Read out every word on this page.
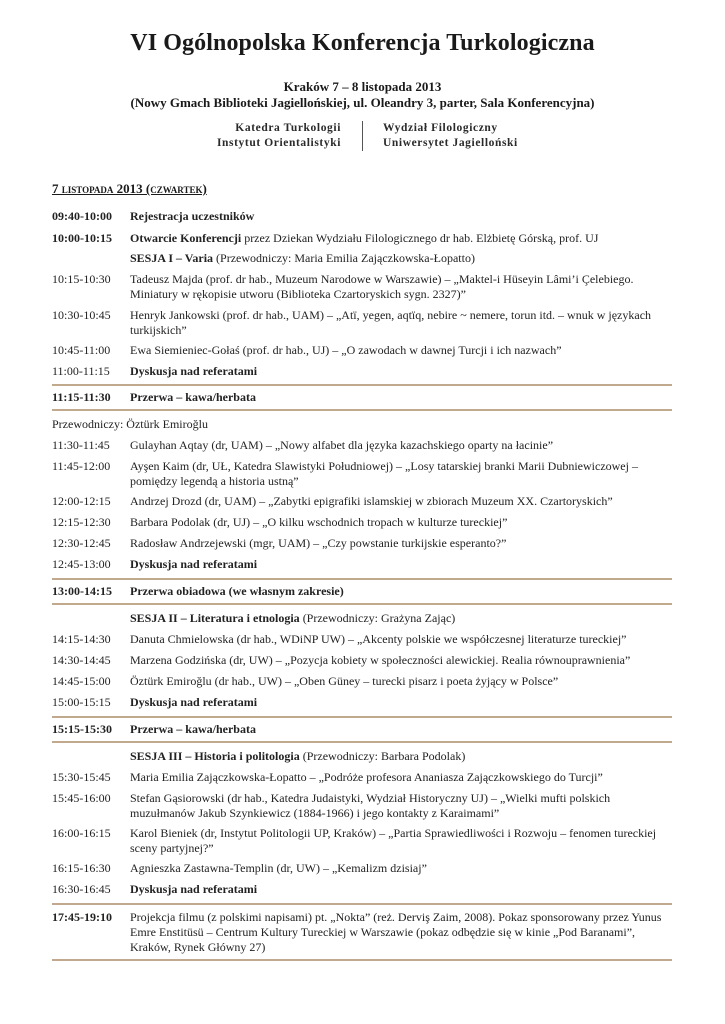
VI Ogólnopolska Konferencja Turkologiczna
Kraków 7 – 8 listopada 2013
(Nowy Gmach Biblioteki Jagiellońskiej, ul. Oleandry 3, parter, Sala Konferencyjna)
Katedra Turkologii
Instytut Orientalistyki
Wydział Filologiczny
Uniwersytet Jagielloński
7 listopada 2013 (czwartek)
09:40-10:00	Rejestracja uczestników
10:00-10:15	Otwarcie Konferencji przez Dziekan Wydziału Filologicznego dr hab. Elżbietę Górską, prof. UJ
SESJA I – Varia (Przewodniczy: Maria Emilia Zajączkowska-Łopatto)
10:15-10:30	Tadeusz Majda (prof. dr hab., Muzeum Narodowe w Warszawie) – „Maktel-i Hüseyin Lâmi’i Çelebiego. Miniatury w rękopisie utworu (Biblioteka Czartoryskich sygn. 2327)”
10:30-10:45	Henryk Jankowski (prof. dr hab., UAM) – „Atï, yegen, aqtïq, nebire ~ nemere, torun itd. – wnuk w językach turkijskich”
10:45-11:00	Ewa Siemieniec-Gołaś (prof. dr hab., UJ) – „O zawodach w dawnej Turcji i ich nazwach”
11:00-11:15	Dyskusja nad referatami
11:15-11:30	Przerwa – kawa/herbata
Przewodniczy: Öztürk Emiroğlu
11:30-11:45	Gulayhan Aqtay (dr, UAM) – „Nowy alfabet dla języka kazachskiego oparty na łacinie”
11:45-12:00	Ayşen Kaim (dr, UŁ, Katedra Slawistyki Południowej) – „Losy tatarskiej branki Marii Dubniewiczowej – pomiędzy legendą a historia ustną”
12:00-12:15	Andrzej Drozd (dr, UAM) – „Zabytki epigrafiki islamskiej w zbiorach Muzeum XX. Czartoryskich”
12:15-12:30	Barbara Podolak (dr, UJ) – „O kilku wschodnich tropach w kulturze tureckiej”
12:30-12:45	Radosław Andrzejewski (mgr, UAM) – „Czy powstanie turkijskie esperanto?”
12:45-13:00	Dyskusja nad referatami
13:00-14:15	Przerwa obiadowa (we własnym zakresie)
SESJA II – Literatura i etnologia (Przewodniczy: Grażyna Zając)
14:15-14:30	Danuta Chmielowska (dr hab., WDiNP UW) – „Akcenty polskie we współczesnej literaturze tureckiej”
14:30-14:45	Marzena Godzińska (dr, UW) – „Pozycja kobiety w społeczności alewickiej. Realia równouprawnienia”
14:45-15:00	Öztürk Emiroğlu (dr hab., UW) – „Oben Güney – turecki pisarz i poeta żyjący w Polsce”
15:00-15:15	Dyskusja nad referatami
15:15-15:30	Przerwa – kawa/herbata
SESJA III – Historia i politologia (Przewodniczy: Barbara Podolak)
15:30-15:45	Maria Emilia Zajączkowska-Łopatto – „Podróże profesora Ananiasza Zajączkowskiego do Turcji”
15:45-16:00	Stefan Gąsiorowski (dr hab., Katedra Judaistyki, Wydział Historyczny UJ) – „Wielki mufti polskich muzułmanów Jakub Szynkiewicz (1884-1966) i jego kontakty z Karaimami”
16:00-16:15	Karol Bieniek (dr, Instytut Politologii UP, Kraków) – „Partia Sprawiedliwości i Rozwoju – fenomen tureckiej sceny partyjnej?”
16:15-16:30	Agnieszka Zastawna-Templin (dr, UW) – „Kemalizm dzisiaj”
16:30-16:45	Dyskusja nad referatami
17:45-19:10	Projekcja filmu (z polskimi napisami) pt. „Nokta” (reż. Derviş Zaim, 2008). Pokaz sponsorowany przez Yunus Emre Enstitüsü – Centrum Kultury Tureckiej w Warszawie (pokaz odbędzie się w kinie „Pod Baranami”, Kraków, Rynek Główny 27)
